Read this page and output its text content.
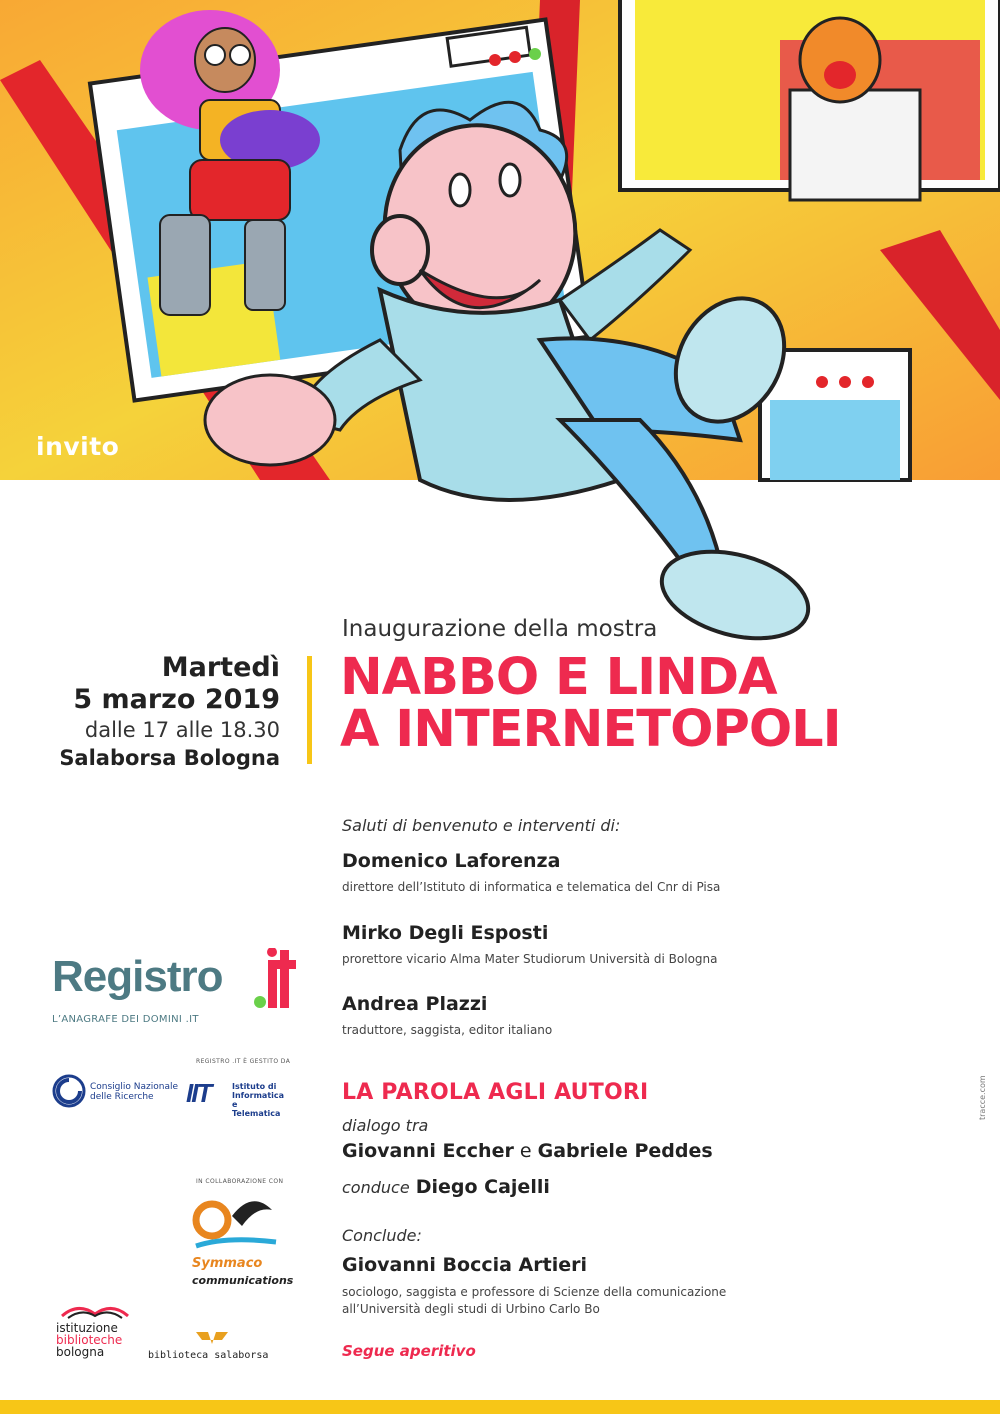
invito
Inaugurazione della mostra
Martedì
5 marzo 2019
dalle 17 alle 18.30
Salaborsa Bologna
NABBO E LINDA
A INTERNETOPOLI
Saluti di benvenuto e interventi di:
Domenico Laforenza
direttore dell’Istituto di informatica e telematica del Cnr di Pisa
Mirko Degli Esposti
prorettore vicario Alma Mater Studiorum Università di Bologna
Andrea Plazzi
traduttore, saggista, editor italiano
LA PAROLA AGLI AUTORI
dialogo tra
Giovanni Eccher e Gabriele Peddes
conduce Diego Cajelli
Conclude:
Giovanni Boccia Artieri
sociologo, saggista e professore di Scienze della comunicazione
all’Università degli studi di Urbino Carlo Bo
Segue aperitivo
Registro
L’ANAGRAFE DEI DOMINI .IT
REGISTRO .IT È GESTITO DA
Consiglio Nazionale
delle Ricerche	IIT	Istituto di
Informatica
e Telematica
IN COLLABORAZIONE CON
Symmaco
communications
istituzione
biblioteche
bologna	biblioteca salaborsa
tracce.com
